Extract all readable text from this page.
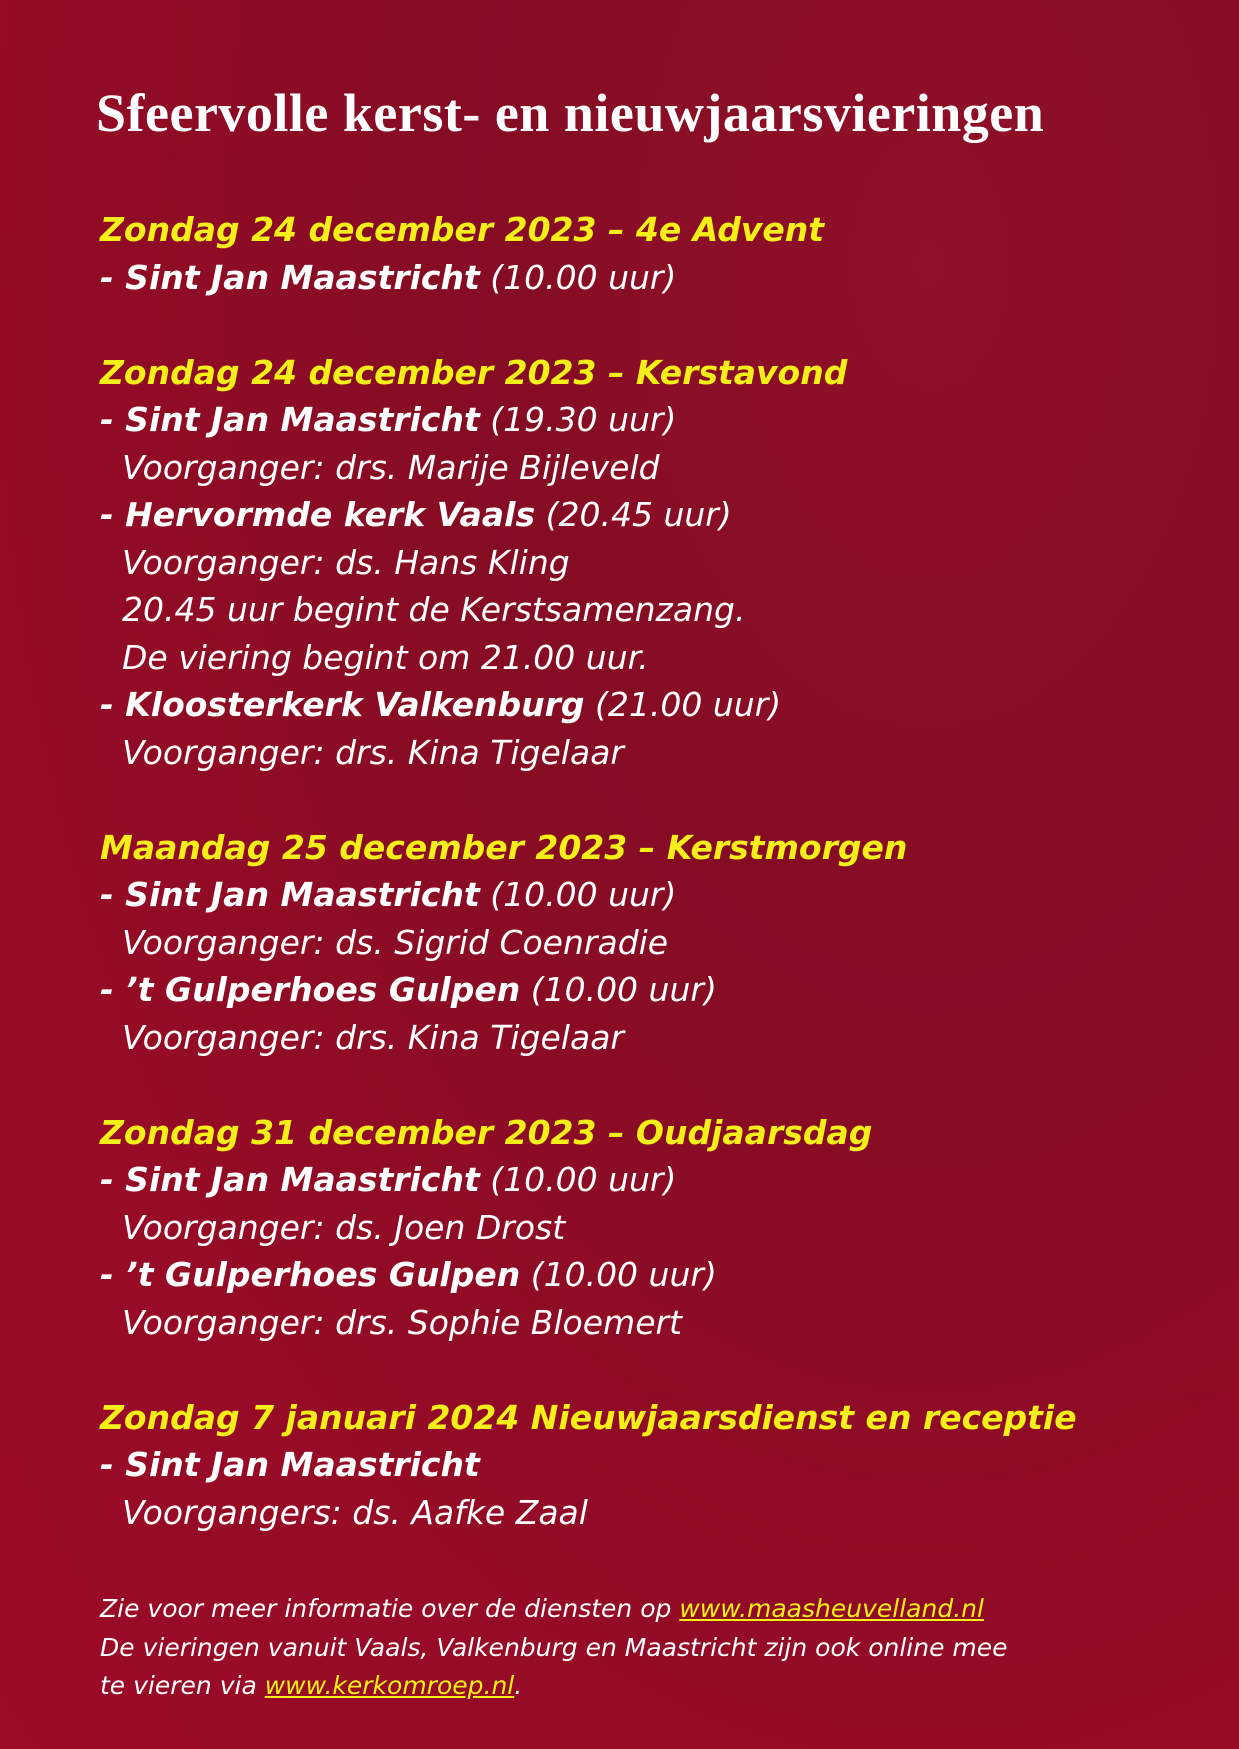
Sfeervolle kerst- en nieuwjaarsvieringen
Zondag 24 december 2023 – 4e Advent
- Sint Jan Maastricht (10.00 uur)
Zondag 24 december 2023 – Kerstavond
- Sint Jan Maastricht (19.30 uur)
Voorganger: drs. Marije Bijleveld
- Hervormde kerk Vaals (20.45 uur)
Voorganger: ds. Hans Kling
20.45 uur begint de Kerstsamenzang.
De viering begint om 21.00 uur.
- Kloosterkerk Valkenburg (21.00 uur)
Voorganger: drs. Kina Tigelaar
Maandag 25 december 2023 – Kerstmorgen
- Sint Jan Maastricht (10.00 uur)
Voorganger: ds. Sigrid Coenradie
- ’t Gulperhoes Gulpen (10.00 uur)
Voorganger: drs. Kina Tigelaar
Zondag 31 december 2023 – Oudjaarsdag
- Sint Jan Maastricht (10.00 uur)
Voorganger: ds. Joen Drost
- ’t Gulperhoes Gulpen (10.00 uur)
Voorganger: drs. Sophie Bloemert
Zondag 7 januari 2024 Nieuwjaarsdienst en receptie
- Sint Jan Maastricht
Voorgangers: ds. Aafke Zaal
Zie voor meer informatie over de diensten op www.maasheuvelland.nl
De vieringen vanuit Vaals, Valkenburg en Maastricht zijn ook online mee
te vieren via www.kerkomroep.nl.
